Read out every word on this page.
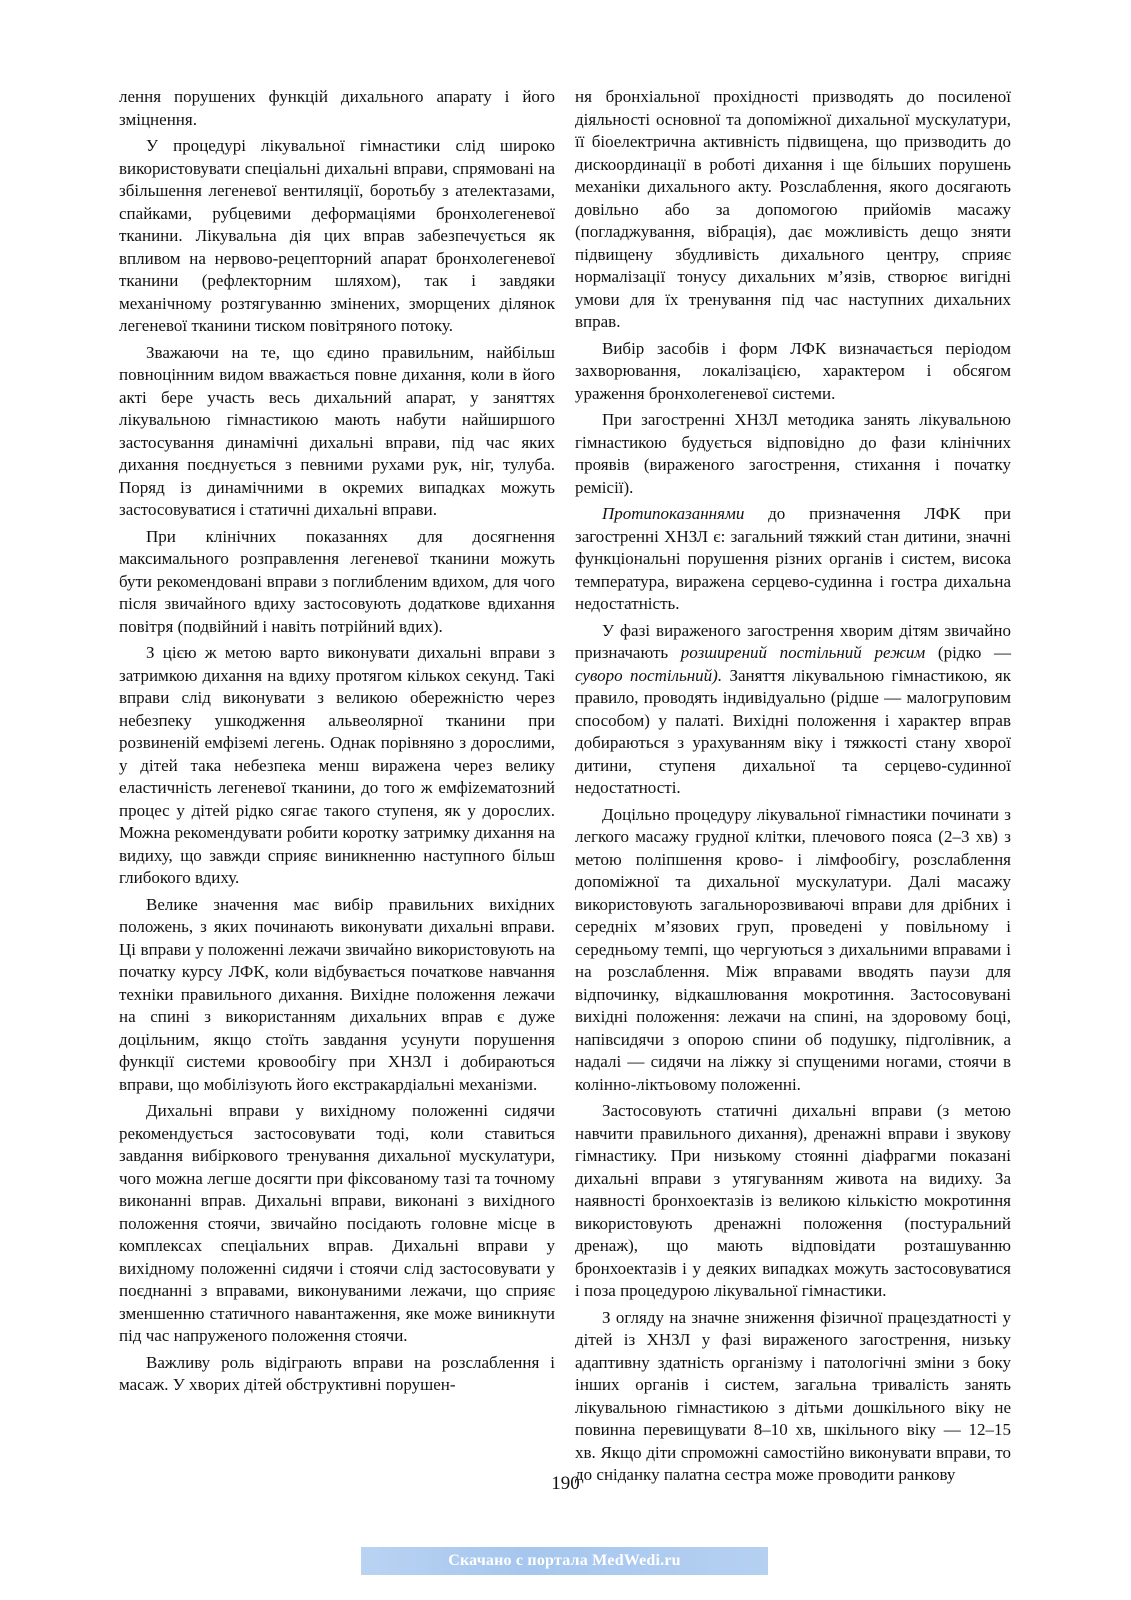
лення порушених функцій дихального апарату і його зміцнення.

У процедурі лікувальної гімнастики слід широко використовувати спеціальні дихальні вправи, спрямовані на збільшення легеневої вентиляції, боротьбу з ателектазами, спайками, рубцевими деформаціями бронхолегеневої тканини. Лікувальна дія цих вправ забезпечується як впливом на нервово-рецепторний апарат бронхолегеневої тканини (рефлекторним шляхом), так і завдяки механічному розтягуванню змінених, зморщених ділянок легеневої тканини тиском повітряного потоку.

Зважаючи на те, що єдино правильним, найбільш повноцінним видом вважається повне дихання, коли в його акті бере участь весь дихальний апарат, у заняттях лікувальною гімнастикою мають набути найширшого застосування динамічні дихальні вправи, під час яких дихання поєднується з певними рухами рук, ніг, тулуба. Поряд із динамічними в окремих випадках можуть застосовуватися і статичні дихальні вправи.

При клінічних показаннях для досягнення максимального розправлення легеневої тканини можуть бути рекомендовані вправи з поглибленим вдихом, для чого після звичайного вдиху застосовують додаткове вдихання повітря (подвійний і навіть потрійний вдих).

З цією ж метою варто виконувати дихальні вправи з затримкою дихання на вдиху протягом кількох секунд. Такі вправи слід виконувати з великою обережністю через небезпеку ушкодження альвеолярної тканини при розвиненій емфіземі легень. Однак порівняно з дорослими, у дітей така небезпека менш виражена через велику еластичність легеневої тканини, до того ж емфіzематозний процес у дітей рідко сягає такого ступеня, як у дорослих. Можна рекомендувати робити коротку затримку дихання на видиху, що завжди сприяє виникненню наступного більш глибокого вдиху.

Велике значення має вибір правильних вихідних положень, з яких починають виконувати дихальні вправи. Ці вправи у положенні лежачи звичайно використовують на початку курсу ЛФК, коли відбувається початкове навчання техніки правильного дихання. Вихідне положення лежачи на спині з використанням дихальних вправ є дуже доцільним, якщо стоїть завдання усунути порушення функції системи кровообігу при ХНЗЛ і добираються вправи, що мобілізують його екстракардіальні механізми.

Дихальні вправи у вихідному положенні сидячи рекомендується застосовувати тоді, коли ставиться завдання вибіркового тренування дихальної мускулатури, чого можна легше досягти при фіксованому тазі та точному виконанні вправ. Дихальні вправи, виконані з вихідного положення стоячи, звичайно посідають головне місце в комплексах спеціальних вправ. Дихальні вправи у вихідному положенні сидячи і стоячи слід застосовувати у поєднанні з вправами, виконуваними лежачи, що сприяє зменшенню статичного навантаження, яке може виникнути під час напруженого положення стоячи.

Важливу роль відіграють вправи на розслаблення і масаж. У хворих дітей обструктивні порушен-

ня бронхіальної прохідності призводять до посиленої діяльності основної та допоміжної дихальної мускулатури, її біоелектрична активність підвищена, що призводить до дискоординації в роботі дихання і ще більших порушень механіки дихального акту. Розслаблення, якого досягають довільно або за допомогою прийомів масажу (погладжування, вібрація), дає можливість дещо зняти підвищену збудливість дихального центру, сприяє нормалізації тонусу дихальних м’язів, створює вигідні умови для їх тренування під час наступних дихальних вправ.

Вибір засобів і форм ЛФК визначається періодом захворювання, локалізацією, характером і обсягом ураження бронхолегеневої системи.

При загостренні ХНЗЛ методика занять лікувальною гімнастикою будується відповідно до фази клінічних проявів (вираженого загострення, стихання і початку ремісії).

Протипоказаннями до призначення ЛФК при загостренні ХНЗЛ є: загальний тяжкий стан дитини, значні функціональні порушення різних органів і систем, висока температура, виражена серцево-судинна і гостра дихальна недостатність.

У фазі вираженого загострення хворим дітям звичайно призначають розширений постільний режим (рідко — суворо постільний). Заняття лікувальною гімнастикою, як правило, проводять індивідуально (рідше — малогруповим способом) у палаті. Вихідні положення і характер вправ добираються з урахуванням віку і тяжкості стану хворої дитини, ступеня дихальної та серцево-судинної недостатності.

Доцільно процедуру лікувальної гімнастики починати з легкого масажу грудної клітки, плечового пояса (2–3 хв) з метою поліпшення крово- і лімфообігу, розслаблення допоміжної та дихальної мускулатури. Далі масажу використовують загальнорозвиваючі вправи для дрібних і середніх м’язових груп, проведені у повільному і середньому темпі, що чергуються з дихальними вправами і на розслаблення. Між вправами вводять паузи для відпочинку, відкашлювання мокротиння. Застосовувані вихідні положення: лежачи на спині, на здоровому боці, напівсидячи з опорою спини об подушку, підголівник, а надалі — сидячи на ліжку зі спущеними ногами, стоячи в колінно-ліктьовому положенні.

Застосовують статичні дихальні вправи (з метою навчити правильного дихання), дренажні вправи і звукову гімнастику. При низькому стоянні діафрагми показані дихальні вправи з утягуванням живота на видиху. За наявності бронхоектазів із великою кількістю мокротиння використовують дренажні положення (постуральний дренаж), що мають відповідати розташуванню бронхоектазів і у деяких випадках можуть застосовуватися і поза процедурою лікувальної гімнастики.

З огляду на значне зниження фізичної працездатності у дітей із ХНЗЛ у фазі вираженого загострення, низьку адаптивну здатність організму і патологічні зміни з боку інших органів і систем, загальна тривалість занять лікувальною гімнастикою з дітьми дошкільного віку не повинна перевищувати 8–10 хв, шкільного віку — 12–15 хв. Якщо діти спроможні самостійно виконувати вправи, то до сніданку палатна сестра може проводити ранкову

190
Скачано с портала MedWedi.ru
